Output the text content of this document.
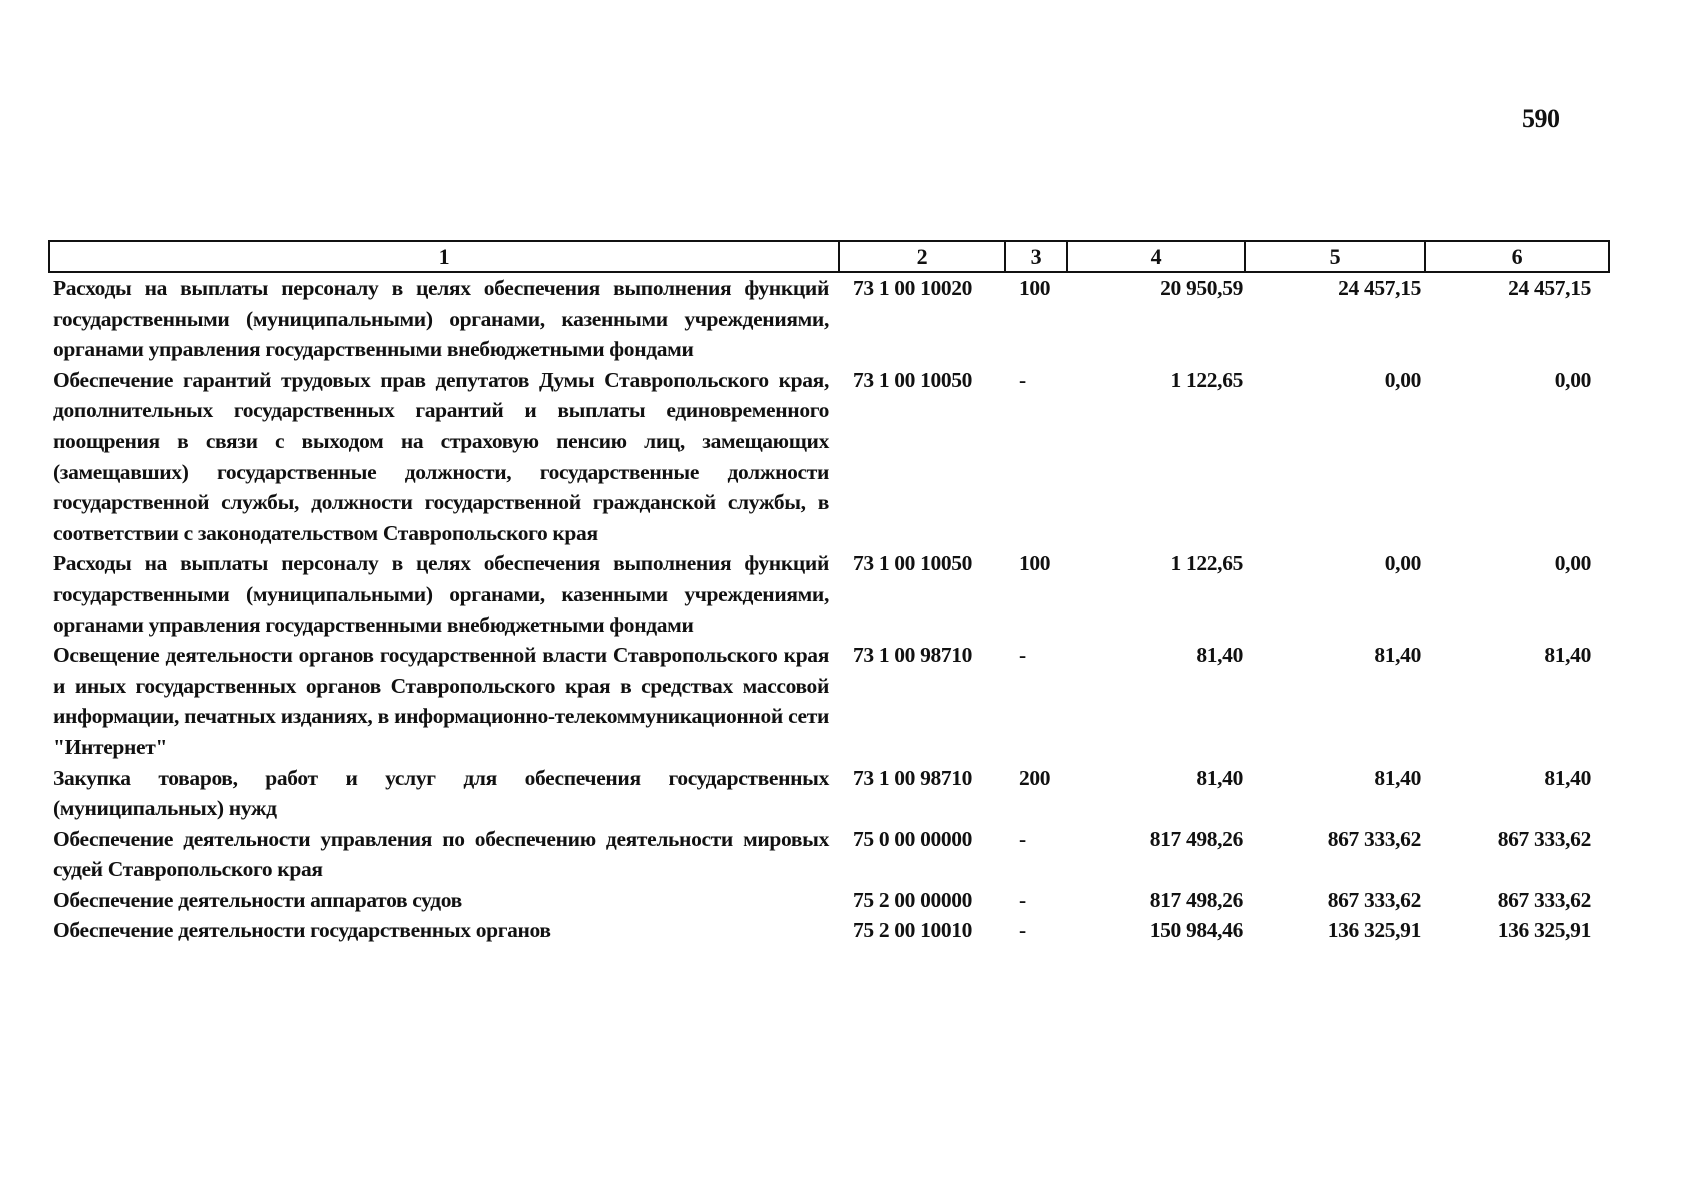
590
1	2	3	4	5	6
Расходы на выплаты персоналу в целях обеспечения выполнения функций государственными (муниципальными) органами, казенными учреждениями, органами управления государственными внебюджетными фондами	73 1 00 10020	100	20 950,59	24 457,15	24 457,15
Обеспечение гарантий трудовых прав депутатов Думы Ставропольского края, дополнительных государственных гарантий и выплаты единовременного поощрения в связи с выходом на страховую пенсию лиц, замещающих (замещавших) государственные должности, государственные должности государственной службы, должности государственной гражданской службы, в соответствии с законодательством Ставропольского края	73 1 00 10050	-	1 122,65	0,00	0,00
Расходы на выплаты персоналу в целях обеспечения выполнения функций государственными (муниципальными) органами, казенными учреждениями, органами управления государственными внебюджетными фондами	73 1 00 10050	100	1 122,65	0,00	0,00
Освещение деятельности органов государственной власти Ставропольского края и иных государственных органов Ставропольского края в средствах массовой информации, печатных изданиях, в информационно-телекоммуникационной сети "Интернет"	73 1 00 98710	-	81,40	81,40	81,40
Закупка товаров, работ и услуг для обеспечения государственных (муниципальных) нужд	73 1 00 98710	200	81,40	81,40	81,40
Обеспечение деятельности управления по обеспечению деятельности мировых судей Ставропольского края	75 0 00 00000	-	817 498,26	867 333,62	867 333,62
Обеспечение деятельности аппаратов судов	75 2 00 00000	-	817 498,26	867 333,62	867 333,62
Обеспечение деятельности государственных органов	75 2 00 10010	-	150 984,46	136 325,91	136 325,91
